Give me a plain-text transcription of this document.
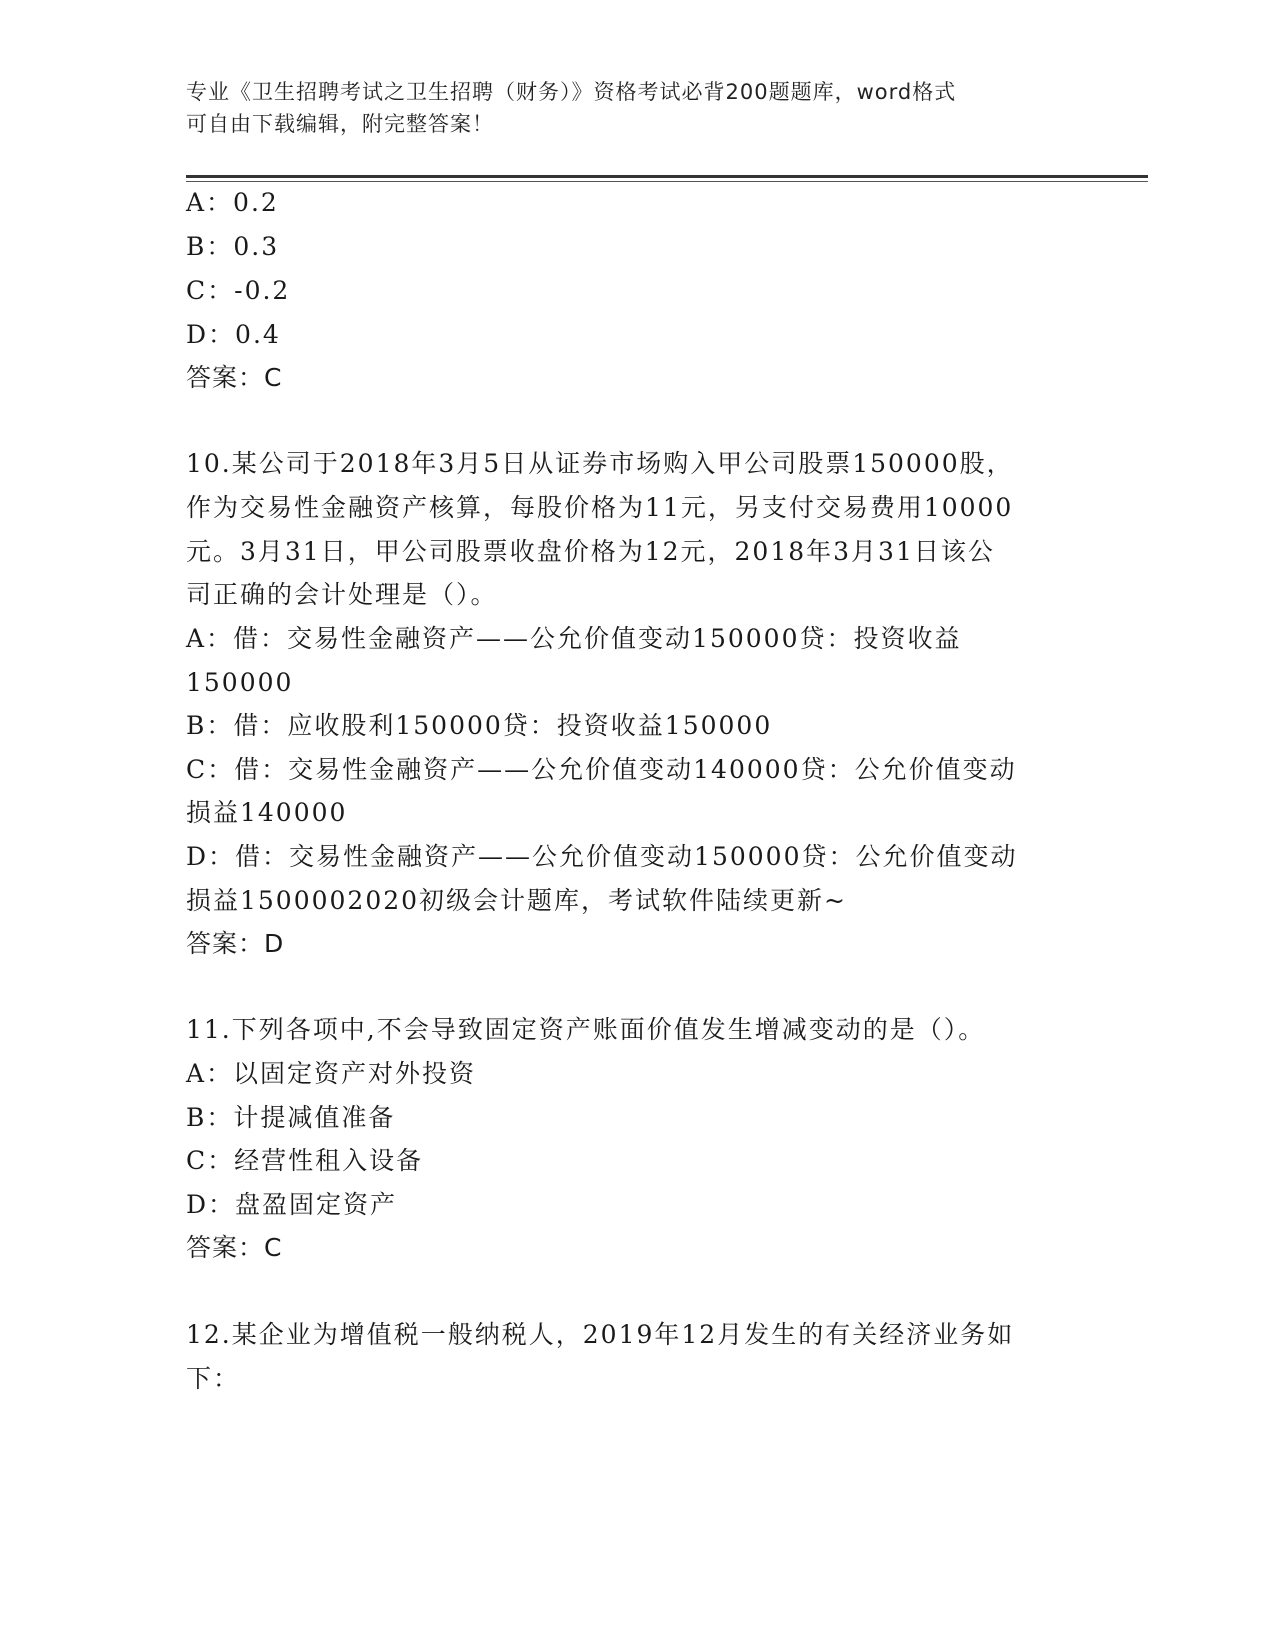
专业《卫生招聘考试之卫生招聘（财务）》资格考试必背200题题库，word格式
可自由下载编辑，附完整答案！
A：0.2
B：0.3
C：-0.2
D：0.4
答案：C
10.某公司于2018年3月5日从证券市场购入甲公司股票150000股，
作为交易性金融资产核算，每股价格为11元，另支付交易费用10000
元。3月31日，甲公司股票收盘价格为12元，2018年3月31日该公
司正确的会计处理是（）。
A：借：交易性金融资产——公允价值变动150000贷：投资收益
150000
B：借：应收股利150000贷：投资收益150000
C：借：交易性金融资产——公允价值变动140000贷：公允价值变动
损益140000
D：借：交易性金融资产——公允价值变动150000贷：公允价值变动
损益1500002020初级会计题库，考试软件陆续更新~
答案：D
11.下列各项中,不会导致固定资产账面价值发生增减变动的是（）。
A：以固定资产对外投资
B：计提减值准备
C：经营性租入设备
D：盘盈固定资产
答案：C
12.某企业为增值税一般纳税人，2019年12月发生的有关经济业务如
下：
